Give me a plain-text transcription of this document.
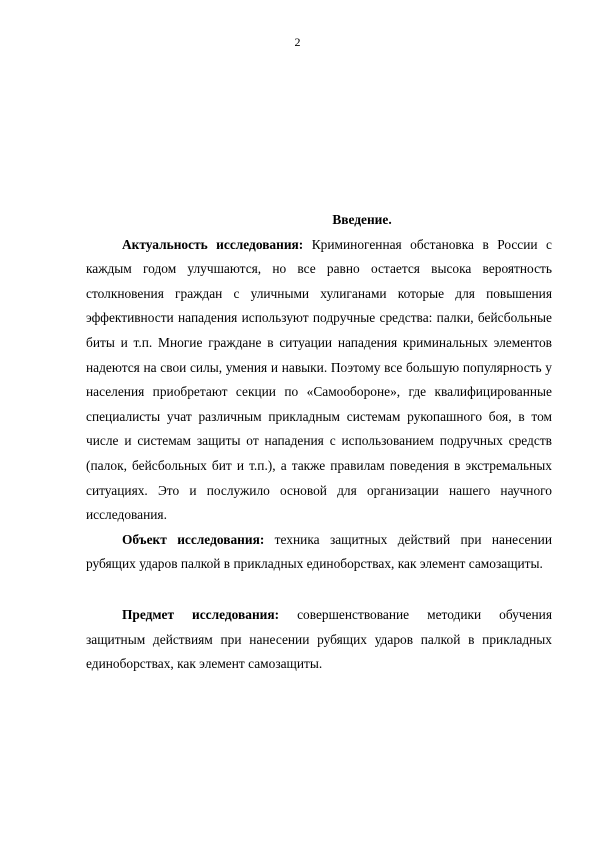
2

Введение.

Актуальность исследования: Криминогенная обстановка в России с каждым годом улучшаются, но все равно остается высока вероятность столкновения граждан с уличными хулиганами которые для повышения эффективности нападения используют подручные средства: палки, бейсбольные биты и т.п. Многие граждане в ситуации нападения криминальных элементов надеются на свои силы, умения и навыки. Поэтому все большую популярность у населения приобретают секции по «Самообороне», где квалифицированные специалисты учат различным прикладным системам рукопашного боя, в том числе и системам защиты от нападения с использованием подручных средств (палок, бейсбольных бит и т.п.), а также правилам поведения в экстремальных ситуациях. Это и послужило основой для организации нашего научного исследования.

Объект исследования: техника защитных действий при нанесении рубящих ударов палкой в прикладных единоборствах, как элемент самозащиты.

Предмет исследования: совершенствование методики обучения защитным действиям при нанесении рубящих ударов палкой в прикладных единоборствах, как элемент самозащиты.
